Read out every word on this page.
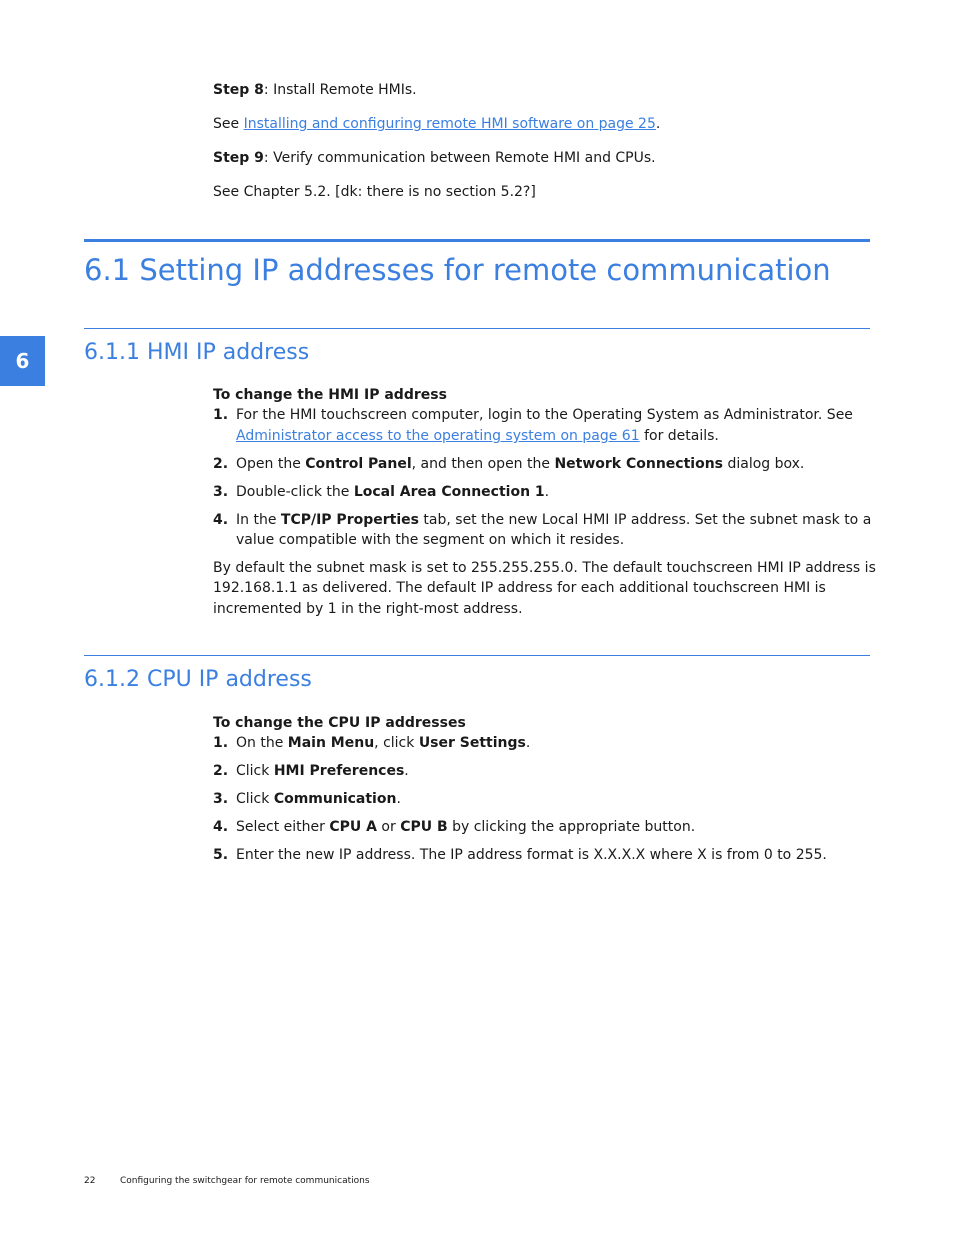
Step 8: Install Remote HMIs.
See Installing and configuring remote HMI software on page 25.
Step 9: Verify communication between Remote HMI and CPUs.
See Chapter 5.2. [dk: there is no section 5.2?]
6.1 Setting IP addresses for remote communication
6	6.1.1 HMI IP address
To change the HMI IP address
1. For the HMI touchscreen computer, login to the Operating System as Administrator. See
Administrator access to the operating system on page 61 for details.
2. Open the Control Panel, and then open the Network Connections dialog box.
3. Double-click the Local Area Connection 1.
4. In the TCP/IP Properties tab, set the new Local HMI IP address. Set the subnet mask to a
value compatible with the segment on which it resides.
By default the subnet mask is set to 255.255.255.0. The default touchscreen HMI IP address is
192.168.1.1 as delivered. The default IP address for each additional touchscreen HMI is
incremented by 1 in the right-most address.
6.1.2 CPU IP address
To change the CPU IP addresses
1. On the Main Menu, click User Settings.
2. Click HMI Preferences.
3. Click Communication.
4. Select either CPU A or CPU B by clicking the appropriate button.
5. Enter the new IP address. The IP address format is X.X.X.X where X is from 0 to 255.
22	Configuring the switchgear for remote communications
